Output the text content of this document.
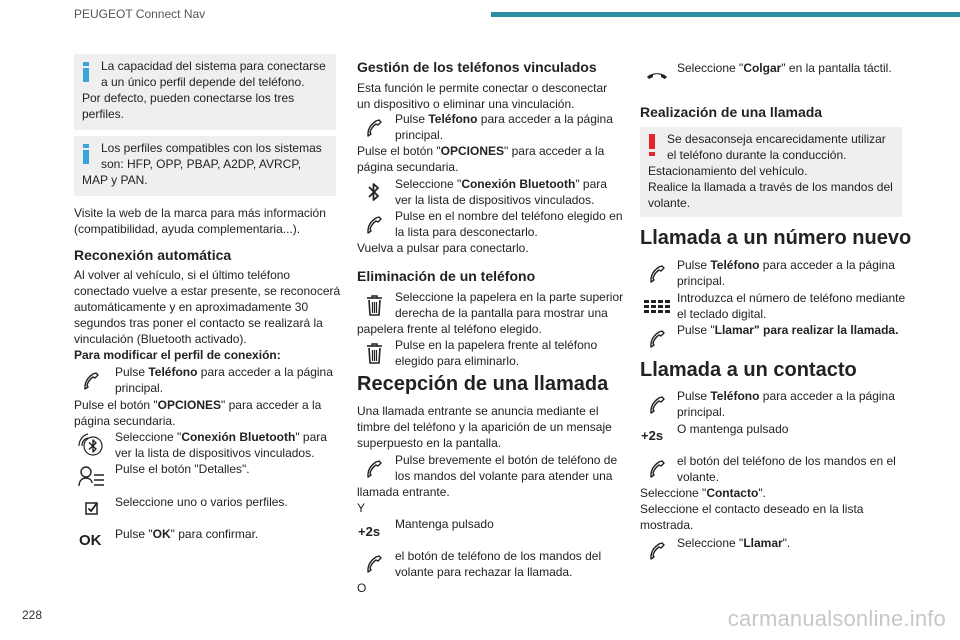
PEUGEOT Connect Nav
La capacidad del sistema para conectarse
a un único perfil depende del teléfono.
Por defecto, pueden conectarse los tres
perfiles.
Los perfiles compatibles con los sistemas
son: HFP, OPP, PBAP, A2DP, AVRCP,
MAP y PAN.
Visite la web de la marca para más información
(compatibilidad, ayuda complementaria...).
Reconexión automática
Al volver al vehículo, si el último teléfono
conectado vuelve a estar presente, se reconocerá
automáticamente y en aproximadamente 30
segundos tras poner el contacto se realizará la
vinculación (Bluetooth activado).
Para modificar el perfil de conexión:
Pulse Teléfono para acceder a la página
principal.
Pulse el botón "OPCIONES" para acceder a la
página secundaria.
Seleccione "Conexión Bluetooth" para
ver la lista de dispositivos vinculados.
Pulse el botón "Detalles".
Seleccione uno o varios perfiles.
OK	Pulse "OK" para confirmar.
Gestión de los teléfonos vinculados
Esta función le permite conectar o desconectar
un dispositivo o eliminar una vinculación.
Pulse Teléfono para acceder a la página
principal.
Pulse el botón "OPCIONES" para acceder a la
página secundaria.
Seleccione "Conexión Bluetooth" para
ver la lista de dispositivos vinculados.
Pulse en el nombre del teléfono elegido en
la lista para desconectarlo.
Vuelva a pulsar para conectarlo.
Eliminación de un teléfono
Seleccione la papelera en la parte superior
derecha de la pantalla para mostrar una
papelera frente al teléfono elegido.
Pulse en la papelera frente al teléfono
elegido para eliminarlo.
Recepción de una llamada
Una llamada entrante se anuncia mediante el
timbre del teléfono y la aparición de un mensaje
superpuesto en la pantalla.
Pulse brevemente el botón de teléfono de
los mandos del volante para atender una
llamada entrante.
Y
+2s	Mantenga pulsado
el botón de teléfono de los mandos del
volante para rechazar la llamada.
O
Seleccione "Colgar" en la pantalla táctil.
Realización de una llamada
Se desaconseja encarecidamente utilizar
el teléfono durante la conducción.
Estacionamiento del vehículo.
Realice la llamada a través de los mandos del
volante.
Llamada a un número nuevo
Pulse Teléfono para acceder a la página
principal.
Introduzca el número de teléfono mediante
el teclado digital.
Pulse "Llamar" para realizar la llamada.
Llamada a un contacto
Pulse Teléfono para acceder a la página
principal.
+2s	O mantenga pulsado
el botón del teléfono de los mandos en el
volante.
Seleccione "Contacto".
Seleccione el contacto deseado en la lista
mostrada.
Seleccione "Llamar".
228	carmanualsonline.info
